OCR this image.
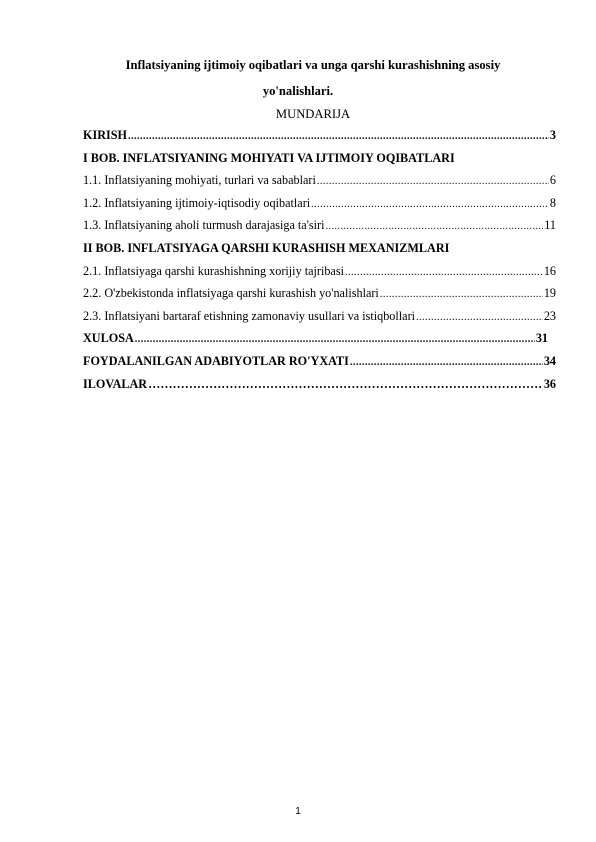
Inflatsiyaning ijtimoiy oqibatlari va unga qarshi kurashishning asosiy
yo'nalishlari.
MUNDARIJA
KIRISH .....	3
I BOB. INFLATSIYANING MOHIYATI VA IJTIMOIY OQIBATLARI
1.1. Inflatsiyaning mohiyati, turlari va sabablari .....	6
1.2. Inflatsiyaning ijtimoiy-iqtisodiy oqibatlari .....	8
1.3. Inflatsiyaning aholi turmush darajasiga ta'siri .....	11
II BOB. INFLATSIYAGA QARSHI KURASHISH MEXANIZMLARI
2.1. Inflatsiyaga qarshi kurashishning xorijiy tajribasi .....	16
2.2. O'zbekistonda inflatsiyaga qarshi kurashish yo'nalishlari .....	19
2.3. Inflatsiyani bartaraf etishning zamonaviy usullari va istiqbollari .....	23
XULOSA .....	31
FOYDALANILGAN ADABIYOTLAR RO'YXATI .....	34
ILOVALAR …………………………………………………………………………………………………………………………………………	36
1
